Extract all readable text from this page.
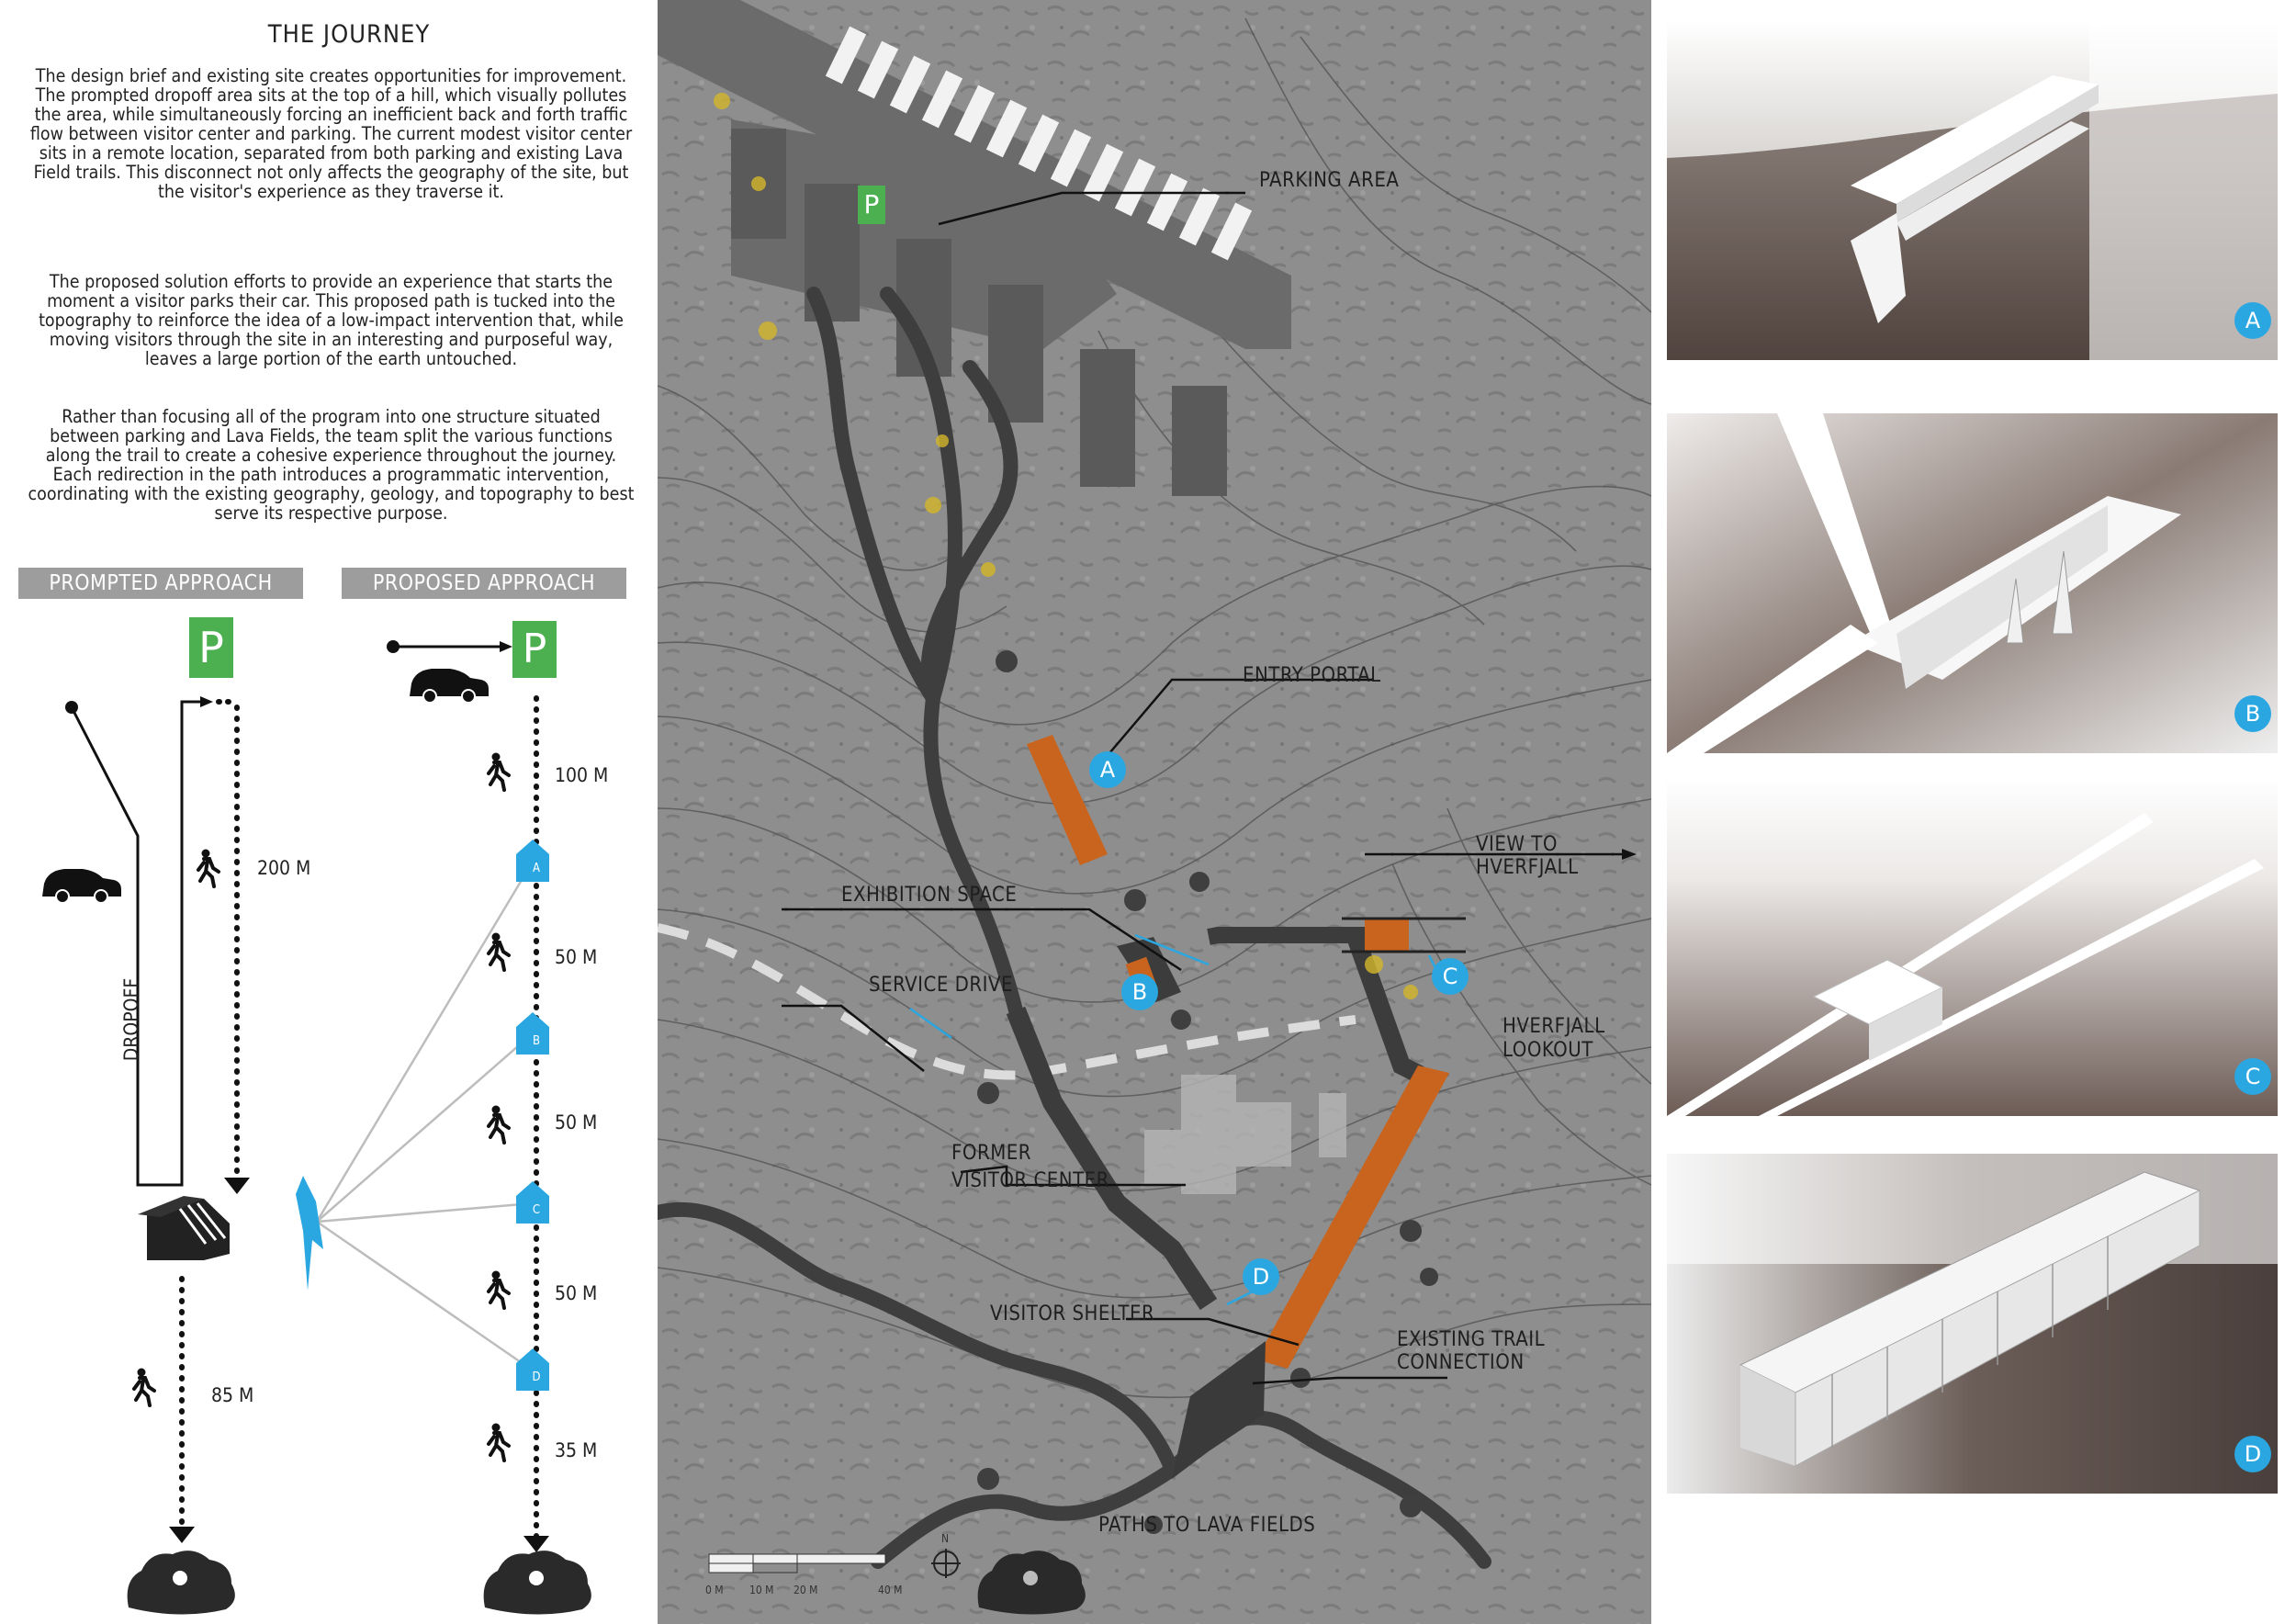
THE JOURNEY

The design brief and existing site creates opportunities for improvement. The prompted dropoff area sits at the top of a hill, which visually pollutes the area, while simultaneously forcing an inefficient back and forth traffic flow between visitor center and parking. The current modest visitor center sits in a remote location, separated from both parking and existing Lava Field trails. This disconnect not only affects the geography of the site, but the visitor's experience as they traverse it.

The proposed solution efforts to provide an experience that starts the moment a visitor parks their car. This proposed path is tucked into the topography to reinforce the idea of a low-impact intervention that, while moving visitors through the site in an interesting and purposeful way, leaves a large portion of the earth untouched.

Rather than focusing all of the program into one structure situated between parking and Lava Fields, the team split the various functions along the trail to create a cohesive experience throughout the journey. Each redirection in the path introduces a programmatic intervention, coordinating with the existing geography, geology, and topography to best serve its respective purpose.

PROMPTED APPROACH	PROPOSED APPROACH
P	P
DROPOFF
200 M
85 M
100 M
50 M
50 M
50 M
35 M
A
B
C
D
P
PARKING AREA
ENTRY PORTAL
VIEW TO
HVERFJALL
EXHIBITION SPACE
SERVICE DRIVE
HVERFJALL
LOOKOUT
FORMER
VISITOR CENTER
VISITOR SHELTER
EXISTING TRAIL
CONNECTION
PATHS TO LAVA FIELDS
A
B
C
D
0 M 10 M 20 M	40 M
N
A
B
C
D
